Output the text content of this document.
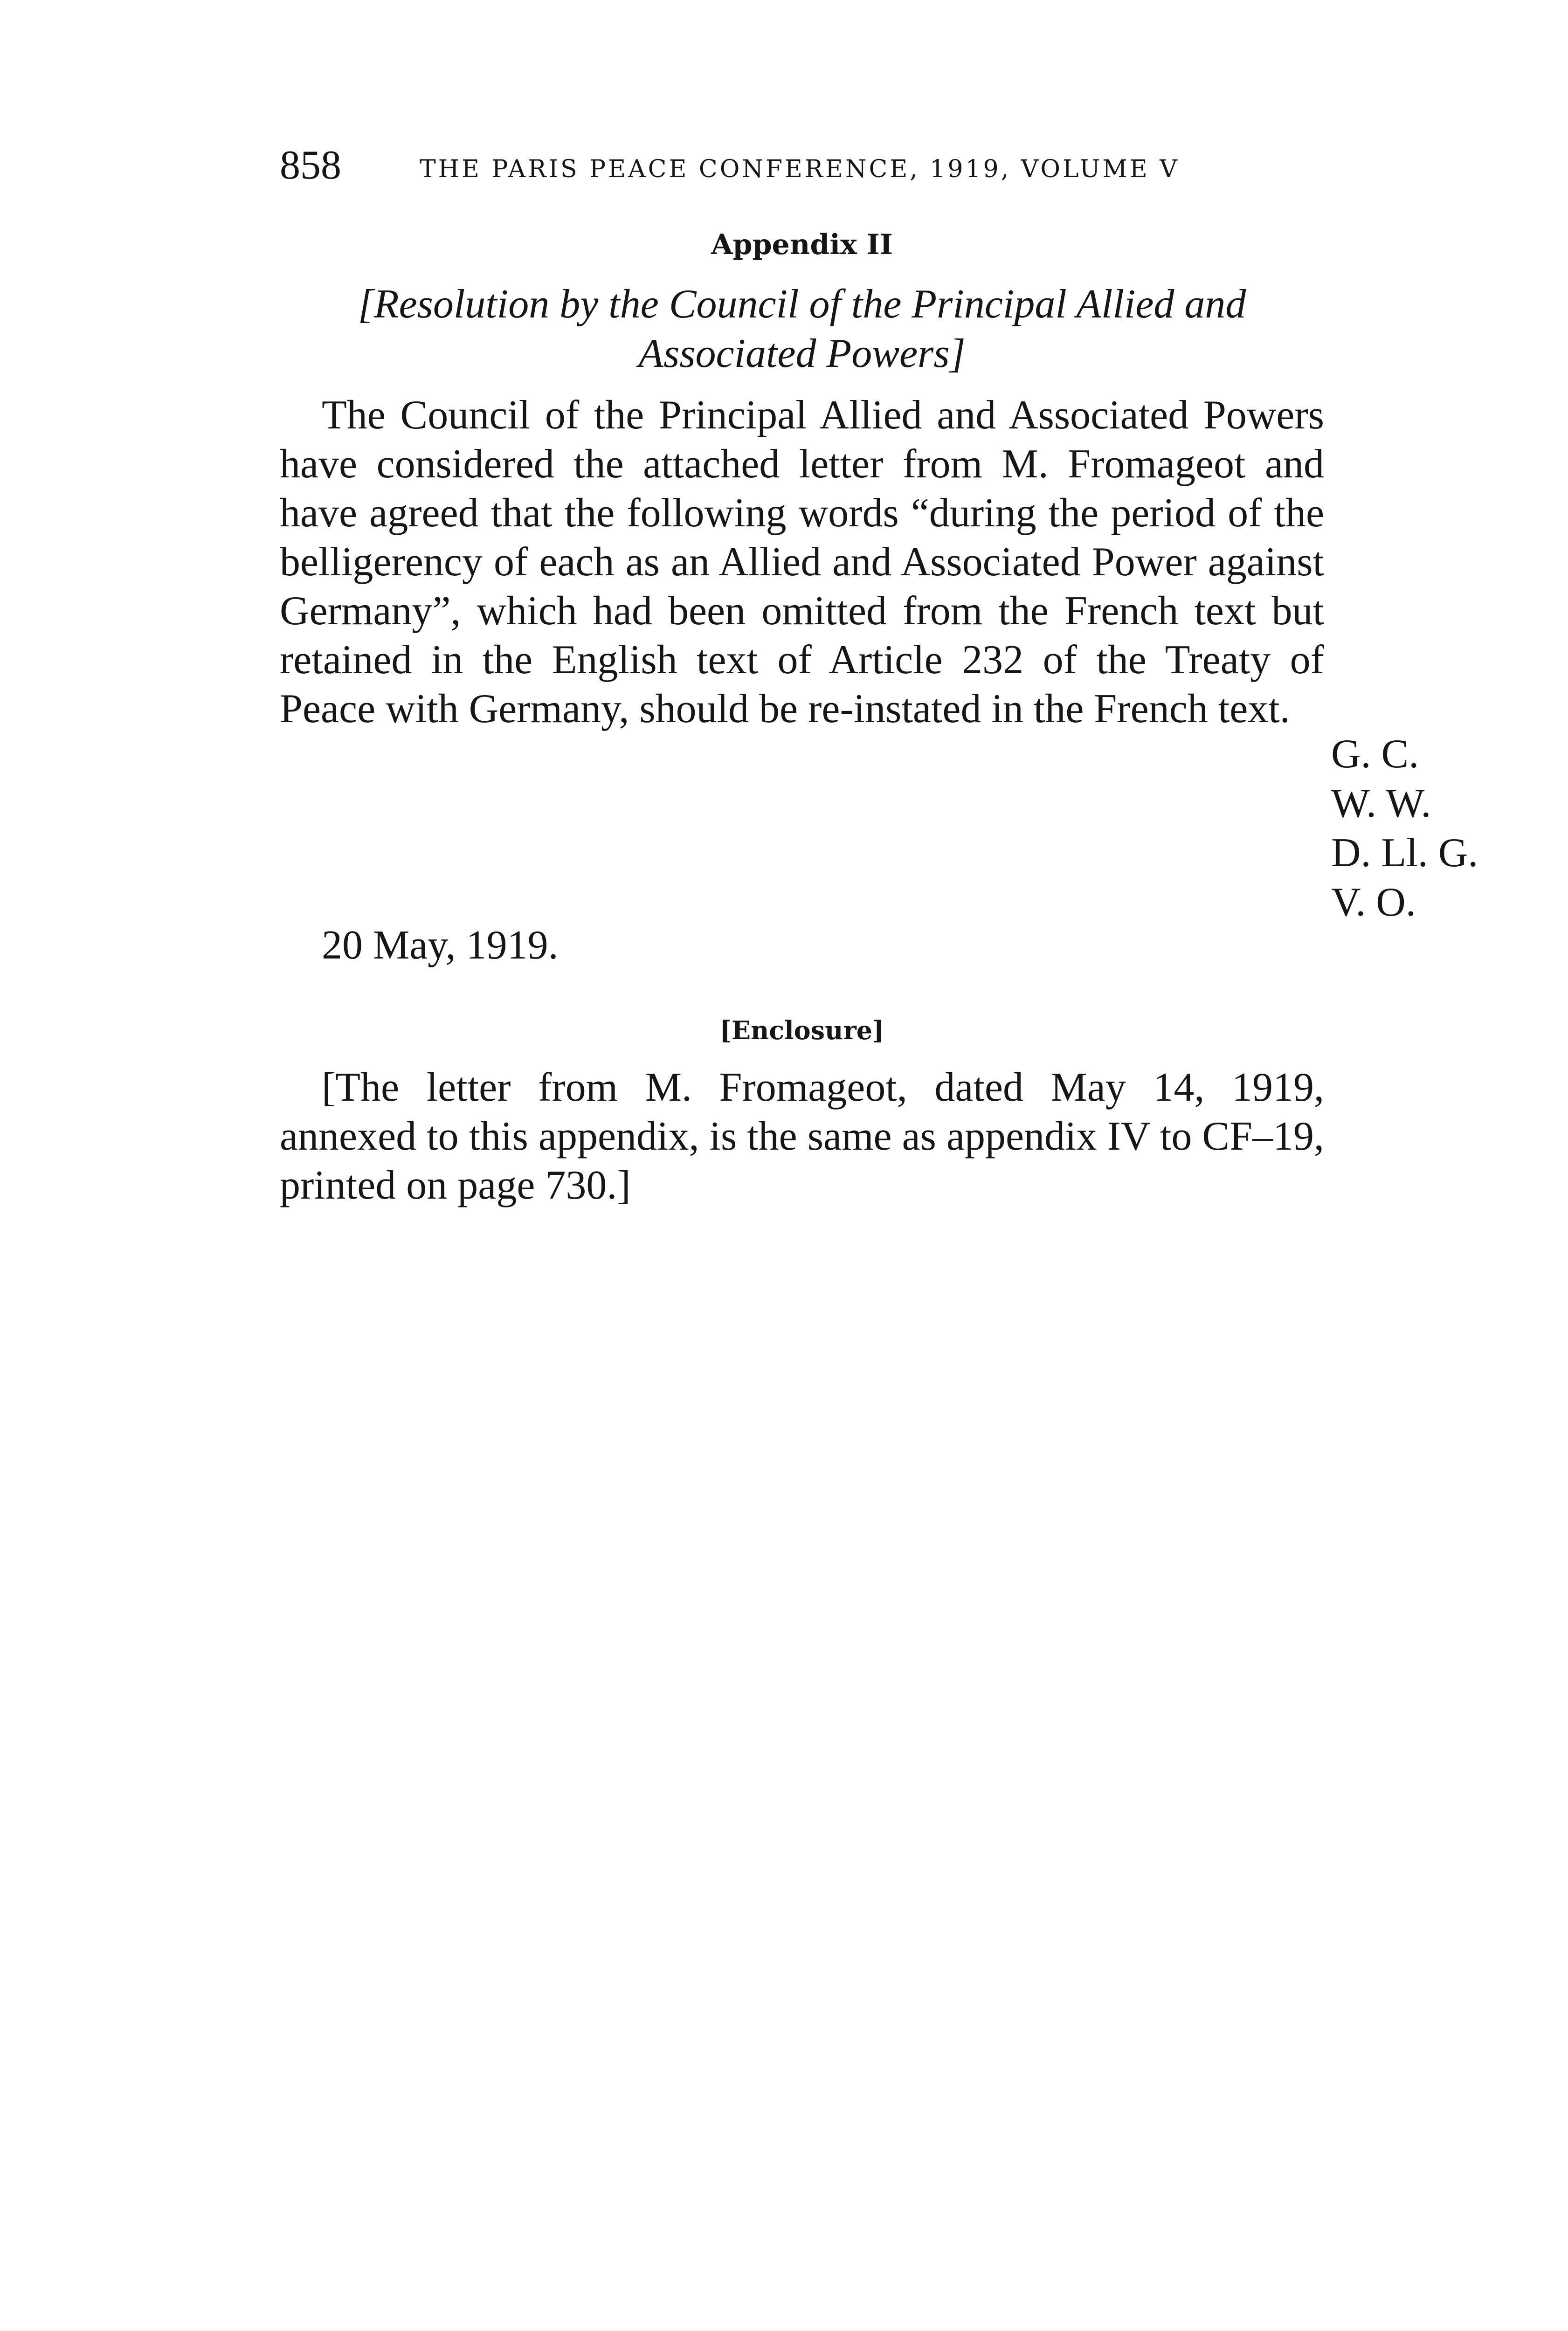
858	THE PARIS PEACE CONFERENCE, 1919, VOLUME V
Appendix II
[Resolution by the Council of the Principal Allied and Associated Powers]

The Council of the Principal Allied and Associated Powers have considered the attached letter from M. Fromageot and have agreed that the following words “during the period of the belligerency of each as an Allied and Associated Power against Germany”, which had been omitted from the French text but retained in the English text of Article 232 of the Treaty of Peace with Germany, should be re-instated in the French text.

G. C.
W. W.
D. Ll. G.
V. O.
20 May, 1919.
[Enclosure]

[The letter from M. Fromageot, dated May 14, 1919, annexed to this appendix, is the same as appendix IV to CF–19, printed on page 730.]
